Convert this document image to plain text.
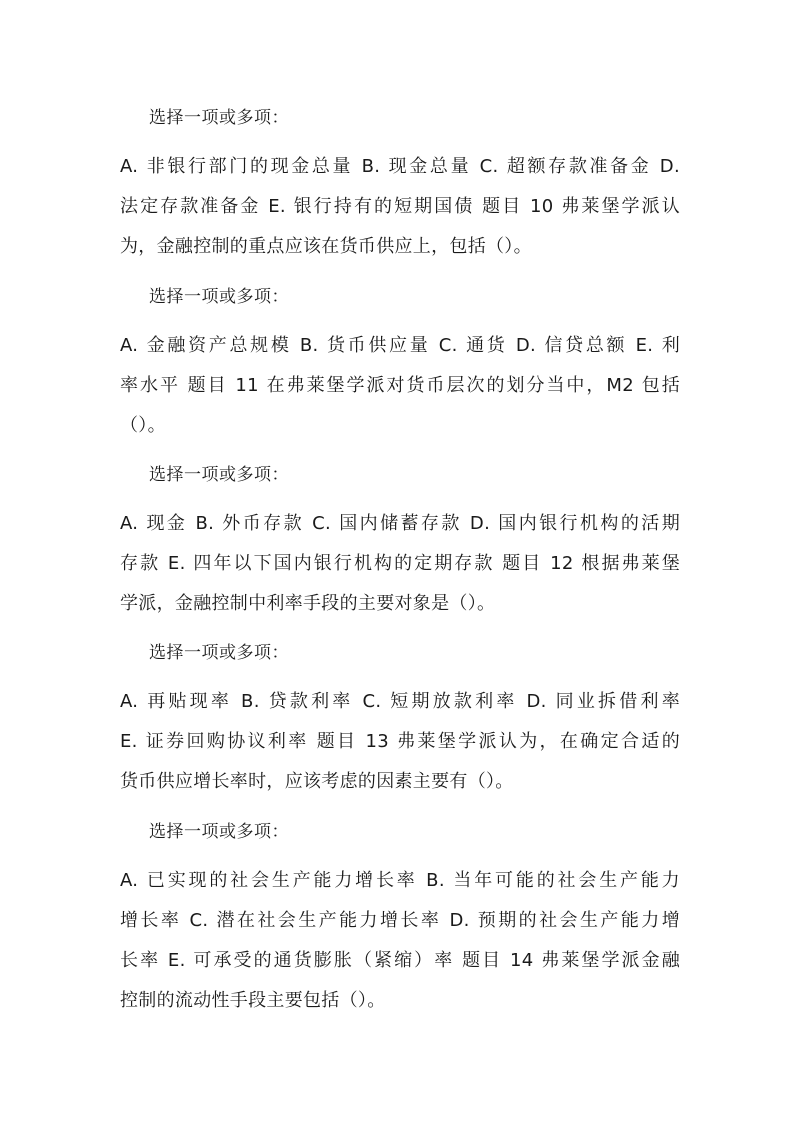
选择一项或多项：
A. 非银行部门的现金总量 B. 现金总量 C. 超额存款准备金 D.
法定存款准备金 E. 银行持有的短期国债 题目 10 弗莱堡学派认
为，金融控制的重点应该在货币供应上，包括（）。
选择一项或多项：
A. 金融资产总规模 B. 货币供应量 C. 通货 D. 信贷总额 E. 利
率水平 题目 11 在弗莱堡学派对货币层次的划分当中，M2 包括
（）。
选择一项或多项：
A. 现金 B. 外币存款 C. 国内储蓄存款 D. 国内银行机构的活期
存款 E. 四年以下国内银行机构的定期存款 题目 12 根据弗莱堡
学派，金融控制中利率手段的主要对象是（）。
选择一项或多项：
A. 再贴现率 B. 贷款利率 C. 短期放款利率 D. 同业拆借利率
E. 证券回购协议利率 题目 13 弗莱堡学派认为，在确定合适的
货币供应增长率时，应该考虑的因素主要有（）。
选择一项或多项：
A. 已实现的社会生产能力增长率 B. 当年可能的社会生产能力
增长率 C. 潜在社会生产能力增长率 D. 预期的社会生产能力增
长率 E. 可承受的通货膨胀（紧缩）率 题目 14 弗莱堡学派金融
控制的流动性手段主要包括（）。
